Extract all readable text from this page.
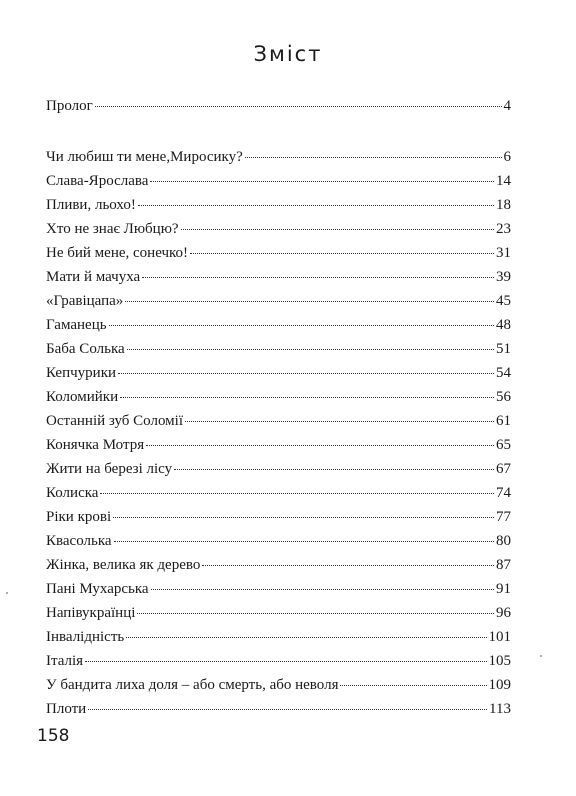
Зміст
Пролог	4
Чи любиш ти мене,Миросику?	6
Слава-Ярослава	14
Пливи, льохо!	18
Хто не знає Любцю?	23
Не бий мене, сонечко!	31
Мати й мачуха	39
«Гравіцапа»	45
Гаманець	48
Баба Солька	51
Кепчурики	54
Коломийки	56
Останній зуб Соломії	61
Конячка Мотря	65
Жити на березі лісу	67
Колиска	74
Ріки крові	77
Квасолька	80
Жінка, велика як дерево	87
Пані Мухарська	91
Напівукраїнці	96
Інвалідність	101
Італія	105
У бандита лиха доля – або смерть, або неволя	109
Плоти	113
158
